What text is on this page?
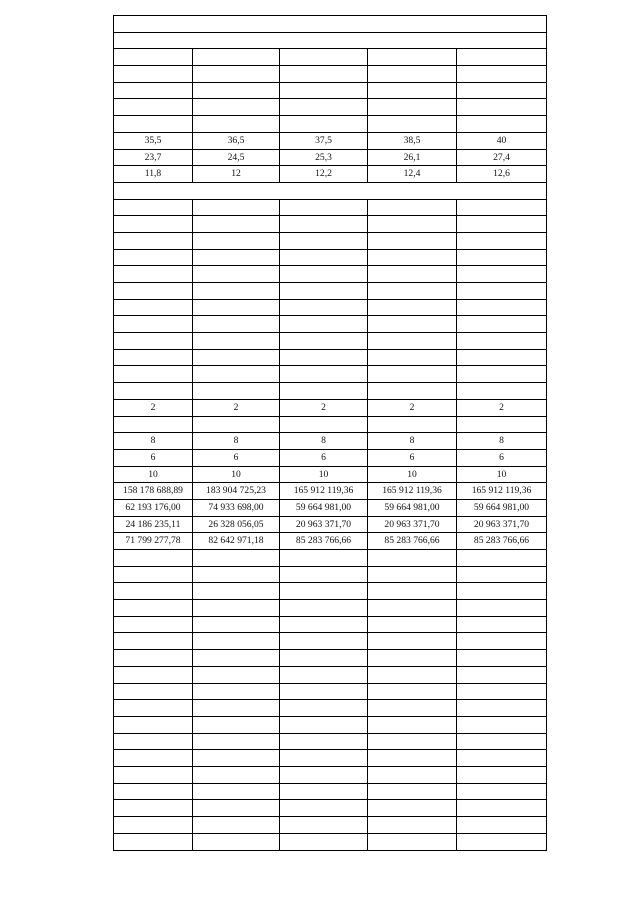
35,5	36,5	37,5	38,5	40
23,7	24,5	25,3	26,1	27,4
11,8	12	12,2	12,4	12,6
2	2	2	2	2
8	8	8	8	8
6	6	6	6	6
10	10	10	10	10
158 178 688,89	183 904 725,23	165 912 119,36	165 912 119,36	165 912 119,36
62 193 176,00	74 933 698,00	59 664 981,00	59 664 981,00	59 664 981,00
24 186 235,11	26 328 056,05	20 963 371,70	20 963 371,70	20 963 371,70
71 799 277,78	82 642 971,18	85 283 766,66	85 283 766,66	85 283 766,66
